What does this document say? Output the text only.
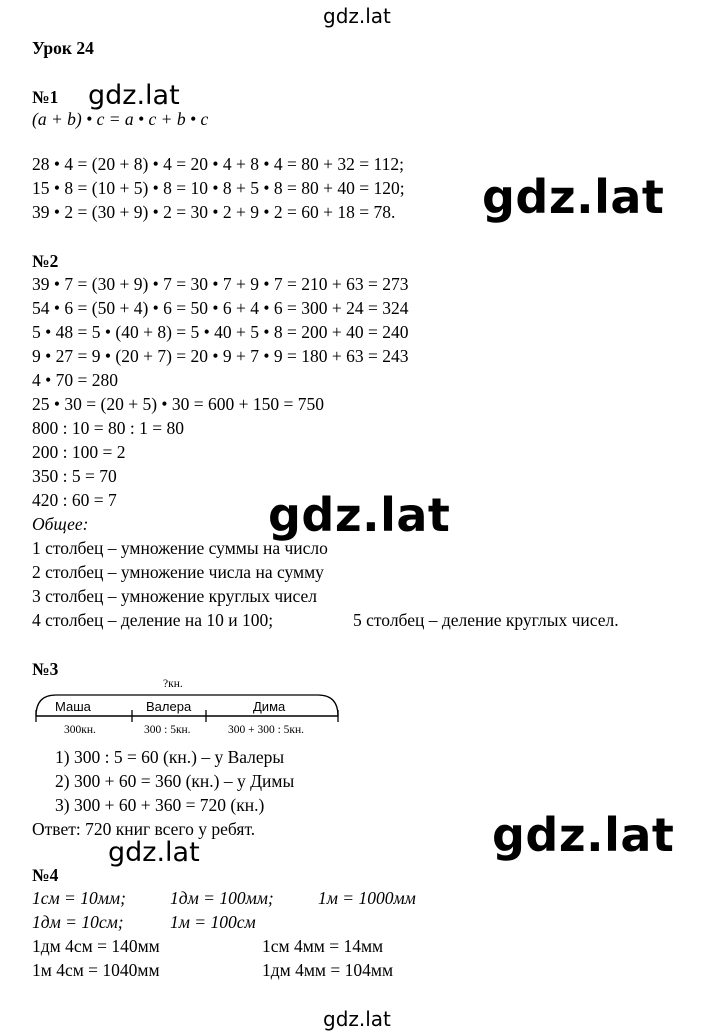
gdz.lat
gdz.lat
gdz.lat
gdz.lat
gdz.lat
gdz.lat
gdz.lat
Урок 24
№1
(a + b) • c = a • c + b • c
28 • 4 = (20 + 8) • 4 = 20 • 4 + 8 • 4 = 80 + 32 = 112;
15 • 8 = (10 + 5) • 8 = 10 • 8 + 5 • 8 = 80 + 40 = 120;
39 • 2 = (30 + 9) • 2 = 30 • 2 + 9 • 2 = 60 + 18 = 78.
№2
39 • 7 = (30 + 9) • 7 = 30 • 7 + 9 • 7 = 210 + 63 = 273
54 • 6 = (50 + 4) • 6 = 50 • 6 + 4 • 6 = 300 + 24 = 324
5 • 48 = 5 • (40 + 8) = 5 • 40 + 5 • 8 = 200 + 40 = 240
9 • 27 = 9 • (20 + 7) = 20 • 9 + 7 • 9 = 180 + 63 = 243
4 • 70 = 280
25 • 30 = (20 + 5) • 30 = 600 + 150 = 750
800 : 10 = 80 : 1 = 80
200 : 100 = 2
350 : 5 = 70
420 : 60 = 7
Общее:
1 столбец – умножение суммы на число
2 столбец – умножение числа на сумму
3 столбец – умножение круглых чисел
4 столбец – деление на 10 и 100;	5 столбец – деление круглых чисел.
№3
?кн.
Маша	Валера	Дима
300кн.	300 : 5кн.	300 + 300 : 5кн.
1) 300 : 5 = 60 (кн.) – у Валеры
2) 300 + 60 = 360 (кн.) – у Димы
3) 300 + 60 + 360 = 720 (кн.)
Ответ: 720 книг всего у ребят.
№4
1см = 10мм;	1дм = 100мм;	1м = 1000мм
1дм = 10см;	1м = 100см
1дм 4см = 140мм	1см 4мм = 14мм
1м 4см = 1040мм	1дм 4мм = 104мм
